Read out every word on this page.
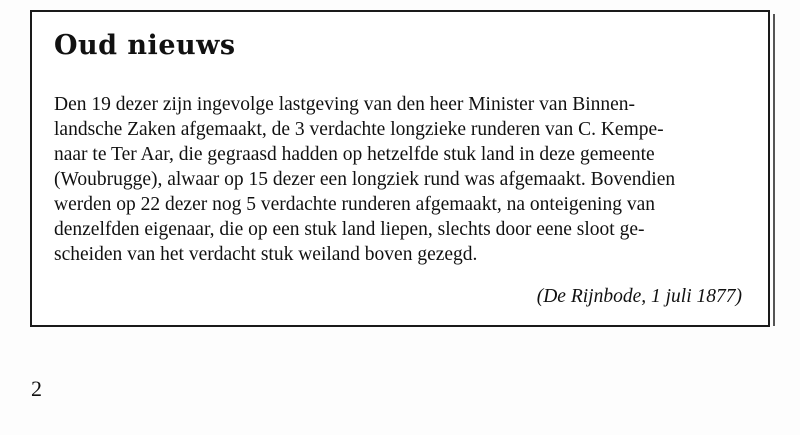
Oud nieuws

Den 19 dezer zijn ingevolge lastgeving van den heer Minister van Binnen-
landsche Zaken afgemaakt, de 3 verdachte longzieke runderen van C. Kempe-
naar te Ter Aar, die gegraasd hadden op hetzelfde stuk land in deze gemeente
(Woubrugge), alwaar op 15 dezer een longziek rund was afgemaakt. Bovendien
werden op 22 dezer nog 5 verdachte runderen afgemaakt, na onteigening van
denzelfden eigenaar, die op een stuk land liepen, slechts door eene sloot ge-
scheiden van het verdacht stuk weiland boven gezegd.

(De Rijnbode, 1 juli 1877)
2
